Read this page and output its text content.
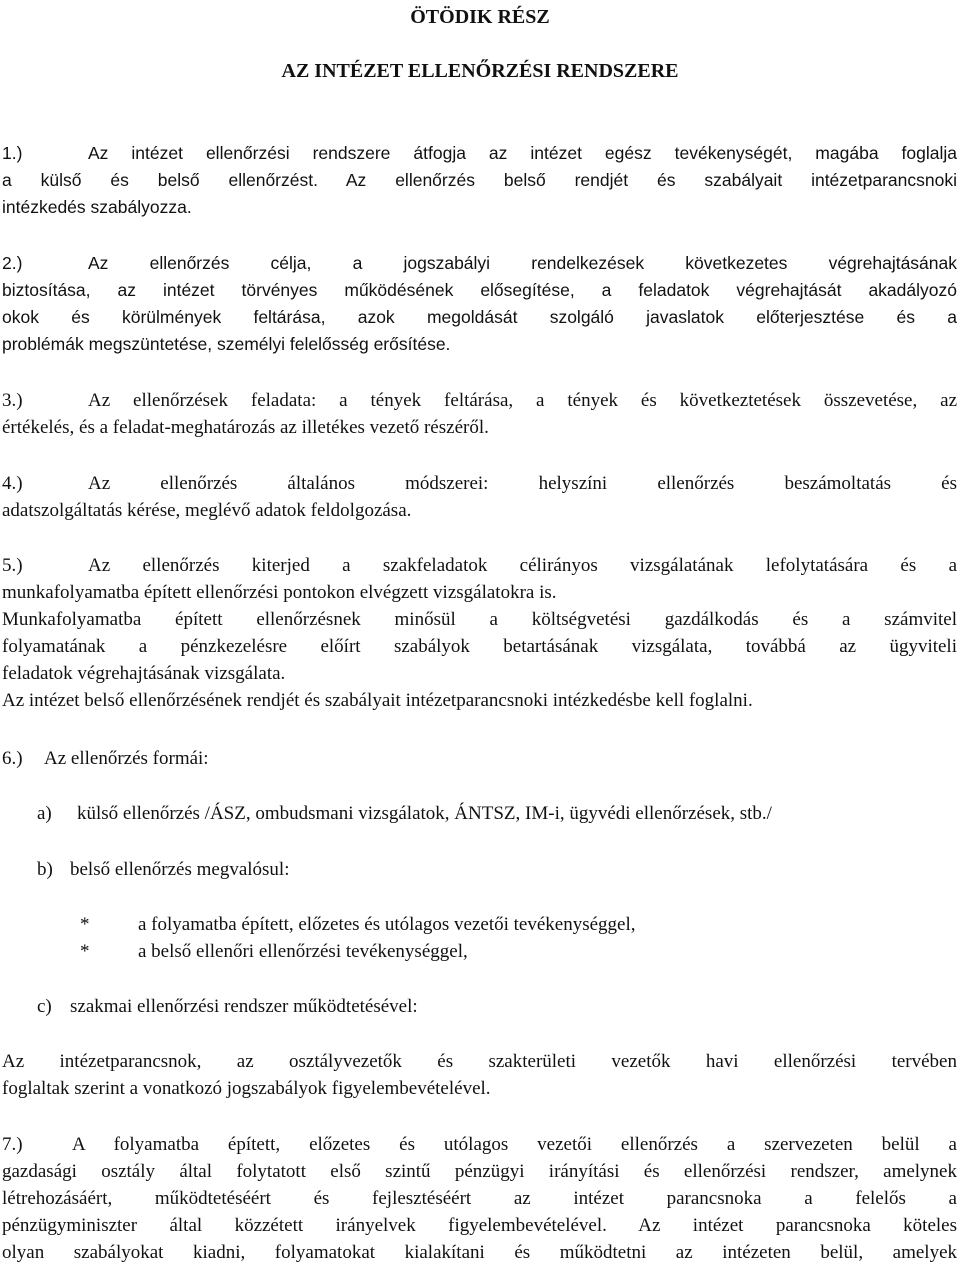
ÖTÖDIK RÉSZ
AZ INTÉZET ELLENŐRZÉSI RENDSZERE
1.)	Az intézet ellenőrzési rendszere átfogja az intézet egész tevékenységét, magába foglalja
a külső és belső ellenőrzést. Az ellenőrzés belső rendjét és szabályait intézetparancsnoki
intézkedés szabályozza.
2.)	Az ellenőrzés célja, a jogszabályi rendelkezések következetes végrehajtásának
biztosítása, az intézet törvényes működésének elősegítése, a feladatok végrehajtását akadályozó
okok és körülmények feltárása, azok megoldását szolgáló javaslatok előterjesztése és a
problémák megszüntetése, személyi felelősség erősítése.
3.)	Az ellenőrzések feladata: a tények feltárása, a tények és következtetések összevetése, az
értékelés, és a feladat-meghatározás az illetékes vezető részéről.
4.)	Az ellenőrzés általános módszerei: helyszíni ellenőrzés beszámoltatás és
adatszolgáltatás kérése, meglévő adatok feldolgozása.
5.)	Az ellenőrzés kiterjed a szakfeladatok célirányos vizsgálatának lefolytatására és a
munkafolyamatba épített ellenőrzési pontokon elvégzett vizsgálatokra is.
Munkafolyamatba épített ellenőrzésnek minősül a költségvetési gazdálkodás és a számvitel
folyamatának a pénzkezelésre előírt szabályok betartásának vizsgálata, továbbá az ügyviteli
feladatok végrehajtásának vizsgálata.
Az intézet belső ellenőrzésének rendjét és szabályait intézetparancsnoki intézkedésbe kell foglalni.
6.) Az ellenőrzés formái:
a) külső ellenőrzés /ÁSZ, ombudsmani vizsgálatok, ÁNTSZ, IM-i, ügyvédi ellenőrzések, stb./
b) belső ellenőrzés megvalósul:
*	a folyamatba épített, előzetes és utólagos vezetői tevékenységgel,
*	a belső ellenőri ellenőrzési tevékenységgel,
c) szakmai ellenőrzési rendszer működtetésével:
Az intézetparancsnok, az osztályvezetők és szakterületi vezetők havi ellenőrzési tervében
foglaltak szerint a vonatkozó jogszabályok figyelembevételével.
7.)	A folyamatba épített, előzetes és utólagos vezetői ellenőrzés a szervezeten belül a
gazdasági osztály által folytatott első szintű pénzügyi irányítási és ellenőrzési rendszer, amelynek
létrehozásáért, működtetéséért és fejlesztéséért az intézet parancsnoka a felelős a
pénzügyminiszter által közzétett irányelvek figyelembevételével. Az intézet parancsnoka köteles
olyan szabályokat kiadni, folyamatokat kialakítani és működtetni az intézeten belül, amelyek
